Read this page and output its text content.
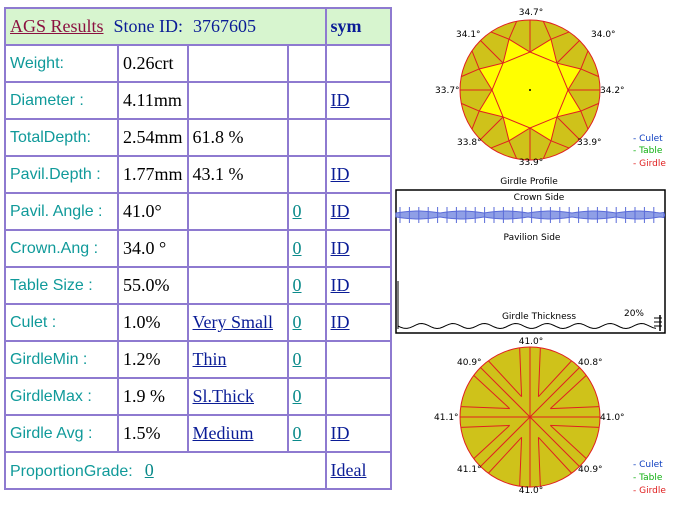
AGS Results Stone ID: 3767605				sym
Weight:	0.26crt			
Diameter :	4.11mm			ID
TotalDepth:	2.54mm	61.8 %		
Pavil.Depth :	1.77mm	43.1 %		ID
Pavil. Angle :	41.0°		0	ID
Crown.Ang :	34.0 °		0	ID
Table Size :	55.0%		0	ID
Culet :	1.0%	Very Small	0	ID
GirdleMin :	1.2%	Thin	0	
GirdleMax :	1.9 %	Sl.Thick	0	
Girdle Avg :	1.5%	Medium	0	ID
ProportionGrade: 0				Ideal
34.7°
34.0°
34.2°
33.9°
33.9°
33.8°
33.7°
34.1°
Crown Side
Pavilion Side
Girdle Thickness	20%
Girdle Profile
41.0°
40.8°
41.0°
40.9°
41.0°
41.1°
41.1°
40.9°
- Culet
- Table
- Girdle
- Culet
- Table
- Girdle
